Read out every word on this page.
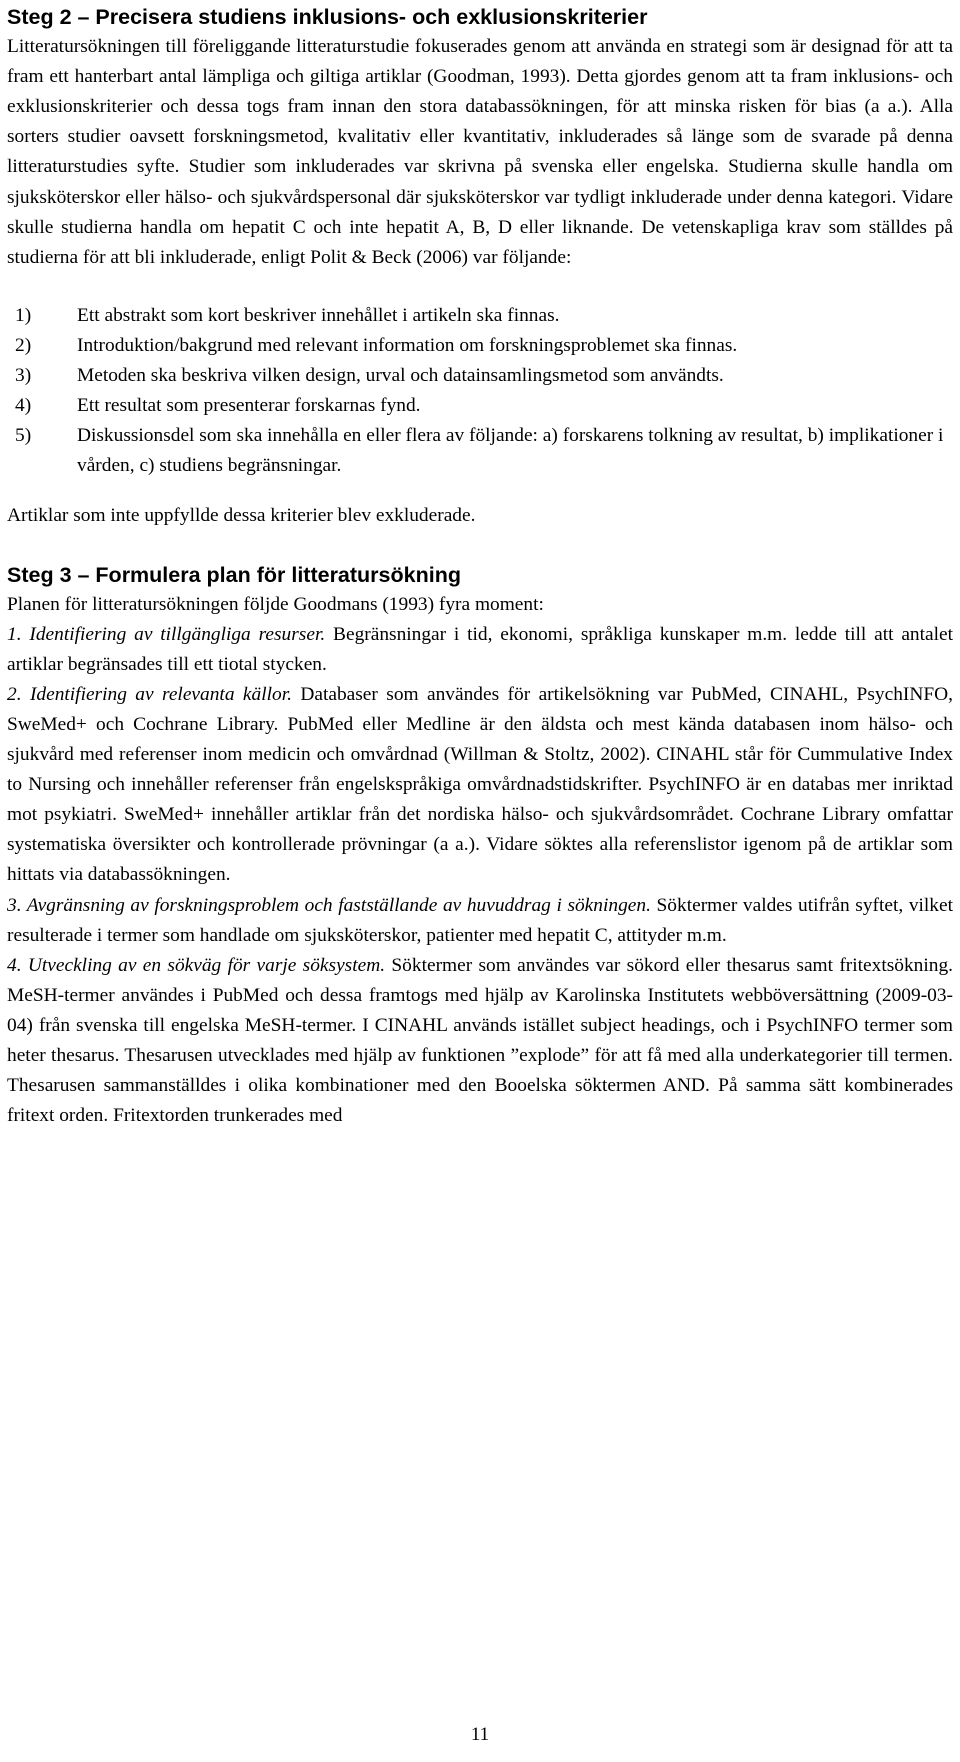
Steg 2 – Precisera studiens inklusions- och exklusionskriterier

Litteratursökningen till föreliggande litteraturstudie fokuserades genom att använda en strategi som är designad för att ta fram ett hanterbart antal lämpliga och giltiga artiklar (Goodman, 1993). Detta gjordes genom att ta fram inklusions- och exklusionskriterier och dessa togs fram innan den stora databassökningen, för att minska risken för bias (a a.). Alla sorters studier oavsett forskningsmetod, kvalitativ eller kvantitativ, inkluderades så länge som de svarade på denna litteraturstudies syfte. Studier som inkluderades var skrivna på svenska eller engelska. Studierna skulle handla om sjuksköterskor eller hälso- och sjukvårdspersonal där sjuksköterskor var tydligt inkluderade under denna kategori. Vidare skulle studierna handla om hepatit C och inte hepatit A, B, D eller liknande. De vetenskapliga krav som ställdes på studierna för att bli inkluderade, enligt Polit & Beck (2006) var följande:

1)	Ett abstrakt som kort beskriver innehållet i artikeln ska finnas.
2)	Introduktion/bakgrund med relevant information om forskningsproblemet ska finnas.
3)	Metoden ska beskriva vilken design, urval och datainsamlingsmetod som användts.
4)	Ett resultat som presenterar forskarnas fynd.
5)	Diskussionsdel som ska innehålla en eller flera av följande: a) forskarens tolkning av resultat, b) implikationer i vården, c) studiens begränsningar.

Artiklar som inte uppfyllde dessa kriterier blev exkluderade.

Steg 3 – Formulera plan för litteratursökning

Planen för litteratursökningen följde Goodmans (1993) fyra moment:

1. Identifiering av tillgängliga resurser. Begränsningar i tid, ekonomi, språkliga kunskaper m.m. ledde till att antalet artiklar begränsades till ett tiotal stycken.

2. Identifiering av relevanta källor. Databaser som användes för artikelsökning var PubMed, CINAHL, PsychINFO, SweMed+ och Cochrane Library. PubMed eller Medline är den äldsta och mest kända databasen inom hälso- och sjukvård med referenser inom medicin och omvårdnad (Willman & Stoltz, 2002). CINAHL står för Cummulative Index to Nursing och innehåller referenser från engelskspråkiga omvårdnadstidskrifter. PsychINFO är en databas mer inriktad mot psykiatri. SweMed+ innehåller artiklar från det nordiska hälso- och sjukvårdsområdet. Cochrane Library omfattar systematiska översikter och kontrollerade prövningar (a a.). Vidare söktes alla referenslistor igenom på de artiklar som hittats via databassökningen.

3. Avgränsning av forskningsproblem och fastställande av huvuddrag i sökningen. Söktermer valdes utifrån syftet, vilket resulterade i termer som handlade om sjuksköterskor, patienter med hepatit C, attityder m.m.

4. Utveckling av en sökväg för varje söksystem. Söktermer som användes var sökord eller thesarus samt fritextsökning. MeSH-termer användes i PubMed och dessa framtogs med hjälp av Karolinska Institutets webböversättning (2009-03-04) från svenska till engelska MeSH-termer. I CINAHL används istället subject headings, och i PsychINFO termer som heter thesarus. Thesarusen utvecklades med hjälp av funktionen ”explode” för att få med alla underkategorier till termen. Thesarusen sammanställdes i olika kombinationer med den Booelska söktermen AND. På samma sätt kombinerades fritext orden. Fritextorden trunkerades med

11
